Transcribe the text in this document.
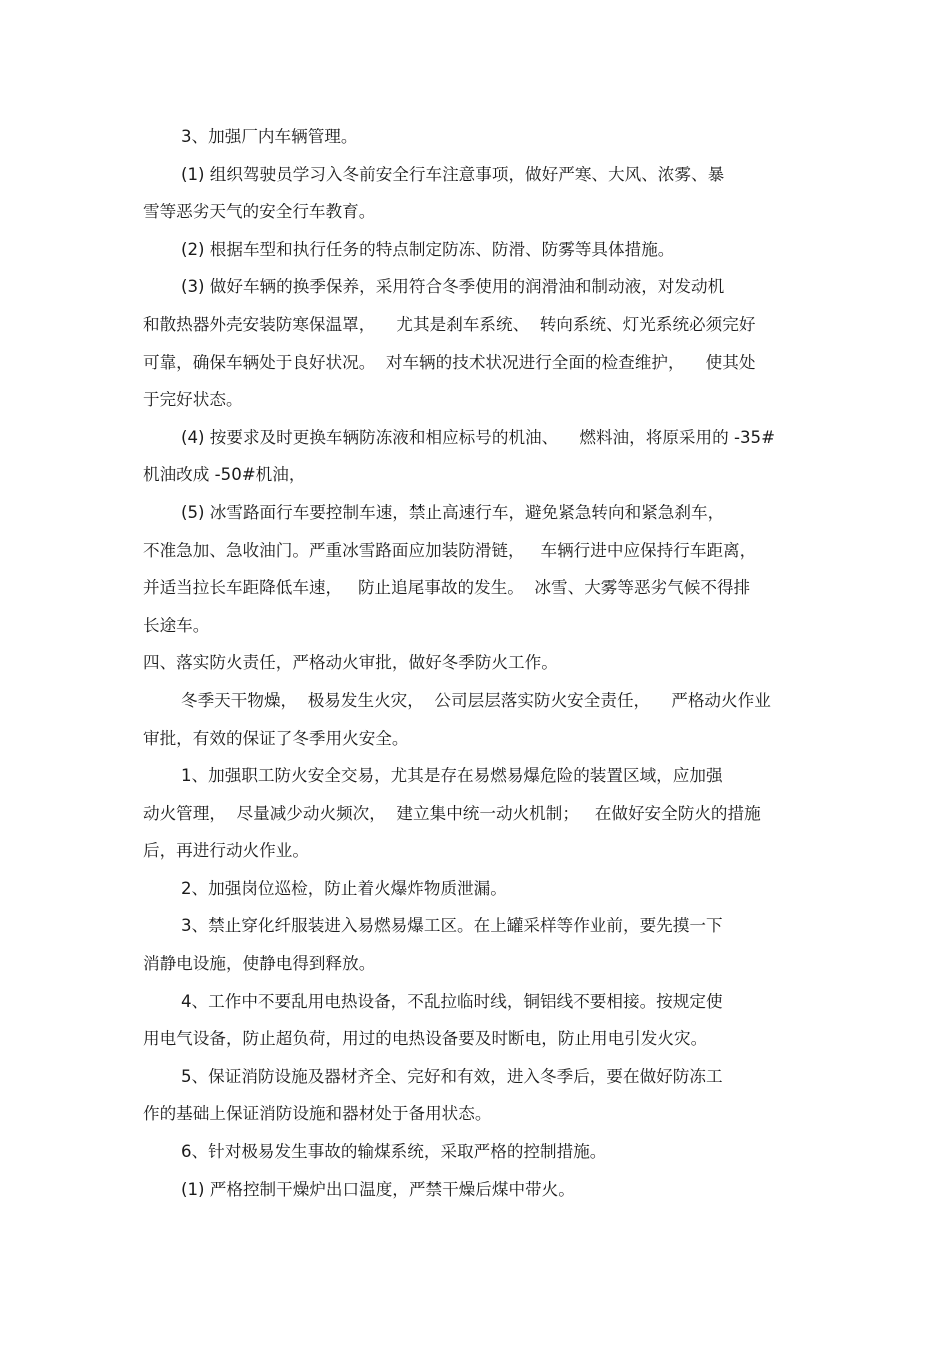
3、加强厂内车辆管理。
(1) 组织驾驶员学习入冬前安全行车注意事项，做好严寒、大风、浓雾、暴
雪等恶劣天气的安全行车教育。
(2) 根据车型和执行任务的特点制定防冻、防滑、防雾等具体措施。
(3) 做好车辆的换季保养，采用符合冬季使用的润滑油和制动液，对发动机
和散热器外壳安装防寒保温罩，    尤其是刹车系统、  转向系统、灯光系统必须完好
可靠，确保车辆处于良好状况。  对车辆的技术状况进行全面的检查维护，    使其处
于完好状态。
(4) 按要求及时更换车辆防冻液和相应标号的机油、    燃料油，将原采用的 -35#
机油改成 -50#机油，
(5) 冰雪路面行车要控制车速，禁止高速行车，避免紧急转向和紧急刹车，
不准急加、急收油门。严重冰雪路面应加装防滑链，   车辆行进中应保持行车距离，
并适当拉长车距降低车速，   防止追尾事故的发生。  冰雪、大雾等恶劣气候不得排
长途车。
四、落实防火责任，严格动火审批，做好冬季防火工作。
冬季天干物燥，  极易发生火灾，  公司层层落实防火安全责任，    严格动火作业
审批，有效的保证了冬季用火安全。
1、加强职工防火安全交易，尤其是存在易燃易爆危险的装置区域，应加强
动火管理，  尽量减少动火频次，  建立集中统一动火机制；   在做好安全防火的措施
后，再进行动火作业。
2、加强岗位巡检，防止着火爆炸物质泄漏。
3、禁止穿化纤服装进入易燃易爆工区。在上罐采样等作业前，要先摸一下
消静电设施，使静电得到释放。
4、工作中不要乱用电热设备，不乱拉临时线，铜铝线不要相接。按规定使
用电气设备，防止超负荷，用过的电热设备要及时断电，防止用电引发火灾。
5、保证消防设施及器材齐全、完好和有效，进入冬季后，要在做好防冻工
作的基础上保证消防设施和器材处于备用状态。
6、针对极易发生事故的输煤系统，采取严格的控制措施。
(1) 严格控制干燥炉出口温度，严禁干燥后煤中带火。
